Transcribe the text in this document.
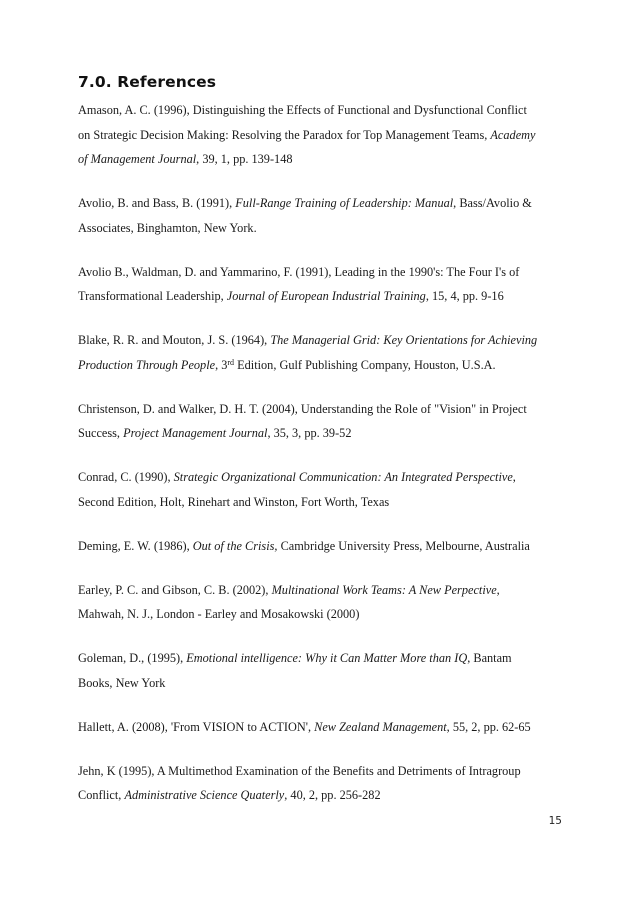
7.0. References
Amason, A. C. (1996), Distinguishing the Effects of Functional and Dysfunctional Conflict
on Strategic Decision Making: Resolving the Paradox for Top Management Teams, Academy
of Management Journal, 39, 1, pp. 139-148
Avolio, B. and Bass, B. (1991), Full-Range Training of Leadership: Manual, Bass/Avolio &
Associates, Binghamton, New York.
Avolio B., Waldman, D. and Yammarino, F. (1991), Leading in the 1990's: The Four I's of
Transformational Leadership, Journal of European Industrial Training, 15, 4, pp. 9-16
Blake, R. R. and Mouton, J. S. (1964), The Managerial Grid: Key Orientations for Achieving
Production Through People, 3rd Edition, Gulf Publishing Company, Houston, U.S.A.
Christenson, D. and Walker, D. H. T. (2004), Understanding the Role of "Vision" in Project
Success, Project Management Journal, 35, 3, pp. 39-52
Conrad, C. (1990), Strategic Organizational Communication: An Integrated Perspective,
Second Edition, Holt, Rinehart and Winston, Fort Worth, Texas
Deming, E. W. (1986), Out of the Crisis, Cambridge University Press, Melbourne, Australia
Earley, P. C. and Gibson, C. B. (2002), Multinational Work Teams: A New Perpective,
Mahwah, N. J., London - Earley and Mosakowski (2000)
Goleman, D., (1995), Emotional intelligence: Why it Can Matter More than IQ, Bantam
Books, New York
Hallett, A. (2008), 'From VISION to ACTION', New Zealand Management, 55, 2, pp. 62-65
Jehn, K (1995), A Multimethod Examination of the Benefits and Detriments of Intragroup
Conflict, Administrative Science Quaterly, 40, 2, pp. 256-282
15
